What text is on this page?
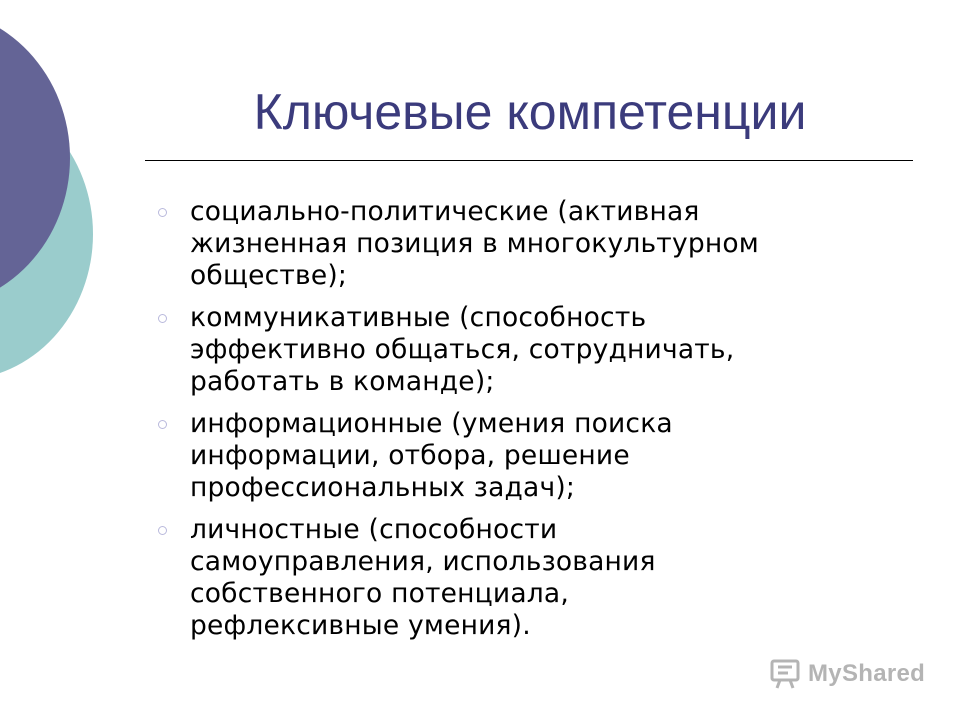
Ключевые компетенции
социально-политические (активная
жизненная позиция в многокультурном
обществе);
коммуникативные (способность
эффективно общаться, сотрудничать,
работать в команде);
информационные (умения поиска
информации, отбора, решение
профессиональных задач);
личностные (способности
самоуправления, использования
собственного потенциала,
рефлексивные умения).
MyShared
